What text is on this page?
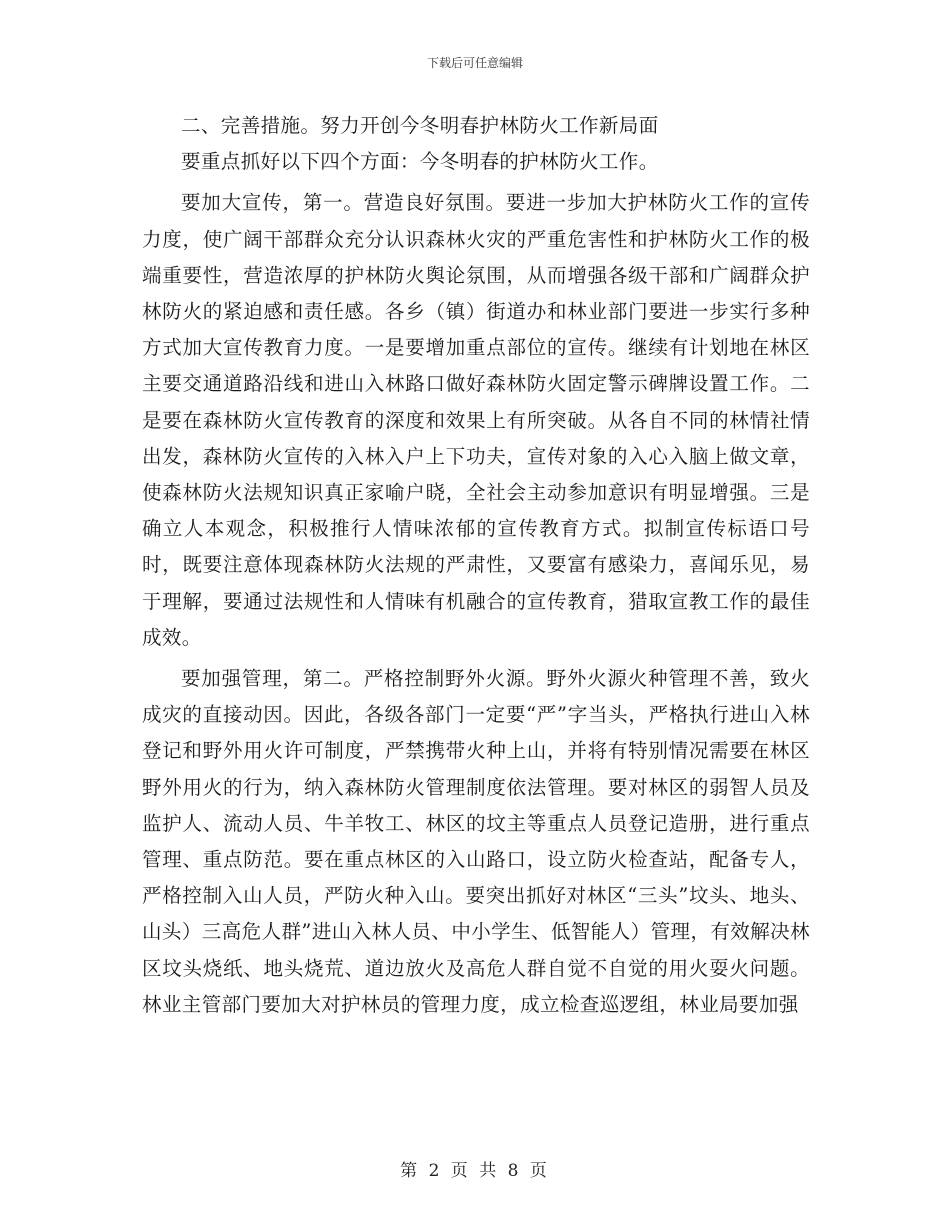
下载后可任意编辑

二、完善措施。努力开创今冬明春护林防火工作新局面

要重点抓好以下四个方面：今冬明春的护林防火工作。

要加大宣传，第一。营造良好氛围。要进一步加大护林防火工作的宣传力度，使广阔干部群众充分认识森林火灾的严重危害性和护林防火工作的极端重要性，营造浓厚的护林防火舆论氛围，从而增强各级干部和广阔群众护林防火的紧迫感和责任感。各乡（镇）街道办和林业部门要进一步实行多种方式加大宣传教育力度。一是要增加重点部位的宣传。继续有计划地在林区主要交通道路沿线和进山入林路口做好森林防火固定警示碑牌设置工作。二是要在森林防火宣传教育的深度和效果上有所突破。从各自不同的林情社情出发，森林防火宣传的入林入户上下功夫，宣传对象的入心入脑上做文章，使森林防火法规知识真正家喻户晓，全社会主动参加意识有明显增强。三是确立人本观念，积极推行人情味浓郁的宣传教育方式。拟制宣传标语口号时，既要注意体现森林防火法规的严肃性，又要富有感染力，喜闻乐见，易于理解，要通过法规性和人情味有机融合的宣传教育，猎取宣教工作的最佳成效。

要加强管理，第二。严格控制野外火源。野外火源火种管理不善，致火成灾的直接动因。因此，各级各部门一定要“严”字当头，严格执行进山入林登记和野外用火许可制度，严禁携带火种上山，并将有特别情况需要在林区野外用火的行为，纳入森林防火管理制度依法管理。要对林区的弱智人员及监护人、流动人员、牛羊牧工、林区的坟主等重点人员登记造册，进行重点管理、重点防范。要在重点林区的入山路口，设立防火检查站，配备专人，严格控制入山人员，严防火种入山。要突出抓好对林区“三头”坟头、地头、山头）三高危人群”进山入林人员、中小学生、低智能人）管理，有效解决林区坟头烧纸、地头烧荒、道边放火及高危人群自觉不自觉的用火耍火问题。林业主管部门要加大对护林员的管理力度，成立检查巡逻组，林业局要加强

第 2 页 共 8 页
